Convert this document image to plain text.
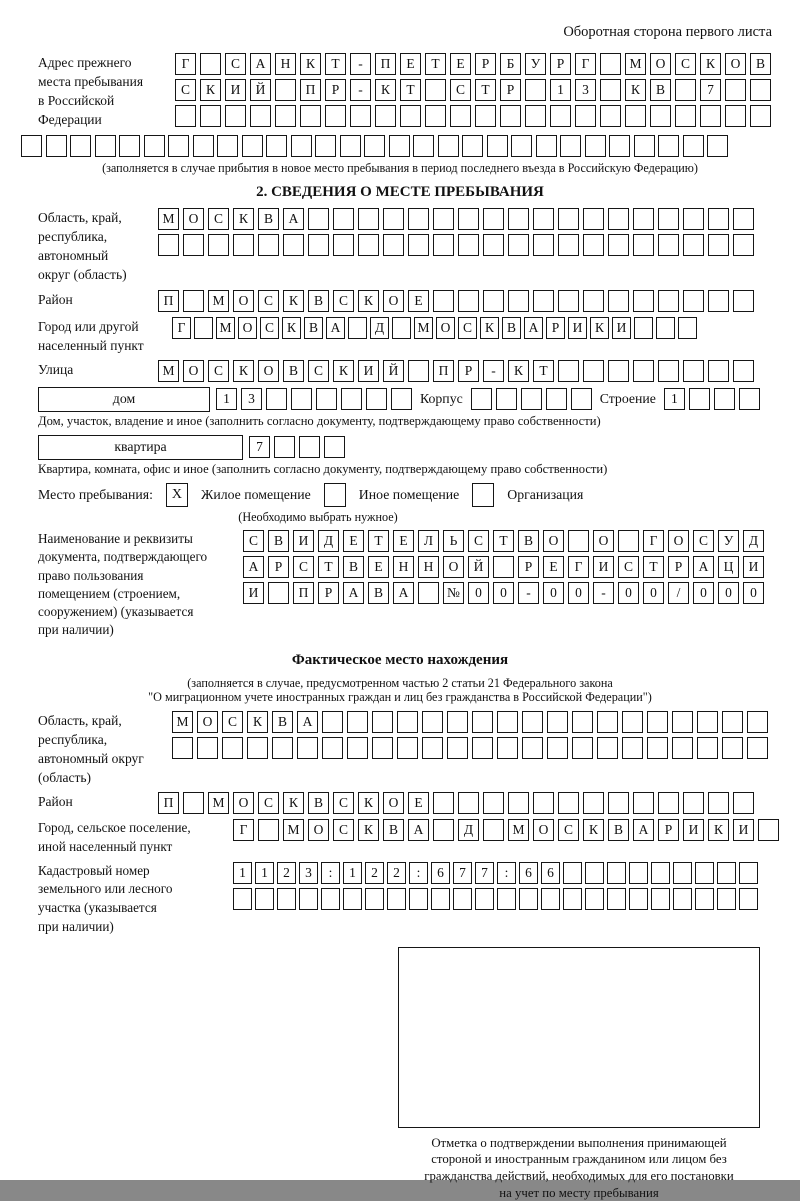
Оборотная сторона первого листа
Адрес прежнего
места пребывания
в Российской
Федерации
Г	С	А	Н	К	Т	-	П	Е	Т	Е	Р	Б	У	Р	Г	М	О	С	К	О	В
С	К	И	Й	П	Р	-	К	Т	С	Т	Р	1	3	К	В	7
(заполняется в случае прибытия в новое место пребывания в период последнего въезда в Российскую Федерацию)
2. СВЕДЕНИЯ О МЕСТЕ ПРЕБЫВАНИЯ
Область, край,
республика,
автономный
округ (область)
М	О	С	К	В	А
Район	П	М	О	С	К	В	С	К	О	Е
Город или другой
населенный пункт
Г	М О С К В А	Д	М О С К В А Р И К И
Улица	М	О	С	К	О	В	С	К	И	Й	П	Р	-	К	Т
дом	1	3	Корпус	Строение	1
Дом, участок, владение и иное (заполнить согласно документу, подтверждающему право собственности)
квартира	7
Квартира, комната, офис и иное (заполнить согласно документу, подтверждающему право собственности)
Место пребывания:	X	Жилое помещение	Иное помещение	Организация
(Необходимо выбрать нужное)
Наименование и реквизиты
документа, подтверждающего
право пользования
помещением (строением,
сооружением) (указывается
при наличии)
С	В	И	Д	Е	Т	Е	Л	Ь	С	Т	В	О	О	Г	О	С	У	Д
А	Р	С	Т	В	Е	Н	Н	О	Й	Р	Е	Г	И	С	Т	Р	А	Ц	И
И	П	Р	А	В	А	№	0	0	-	0	0	-	0	0	/	0	0	0
Фактическое место нахождения
(заполняется в случае, предусмотренном частью 2 статьи 21 Федерального закона
"О миграционном учете иностранных граждан и лиц без гражданства в Российской Федерации")
Область, край,
республика,
автономный округ
(область)
М	О	С	К	В	А
Район	П	М	О	С	К	В	С	К	О	Е
Город, сельское поселение,
иной населенный пункт
Г	М	О	С	К	В	А	Д	М	О	С	К	В	А	Р	И	К	И
Кадастровый номер
земельного или лесного
участка (указывается
при наличии)
1	1	2	3	:	1	2	2	:	6	7	7	:	6	6
Отметка о подтверждении выполнения принимающей
стороной и иностранным гражданином или лицом без
гражданства действий, необходимых для его постановки
на учет по месту пребывания
